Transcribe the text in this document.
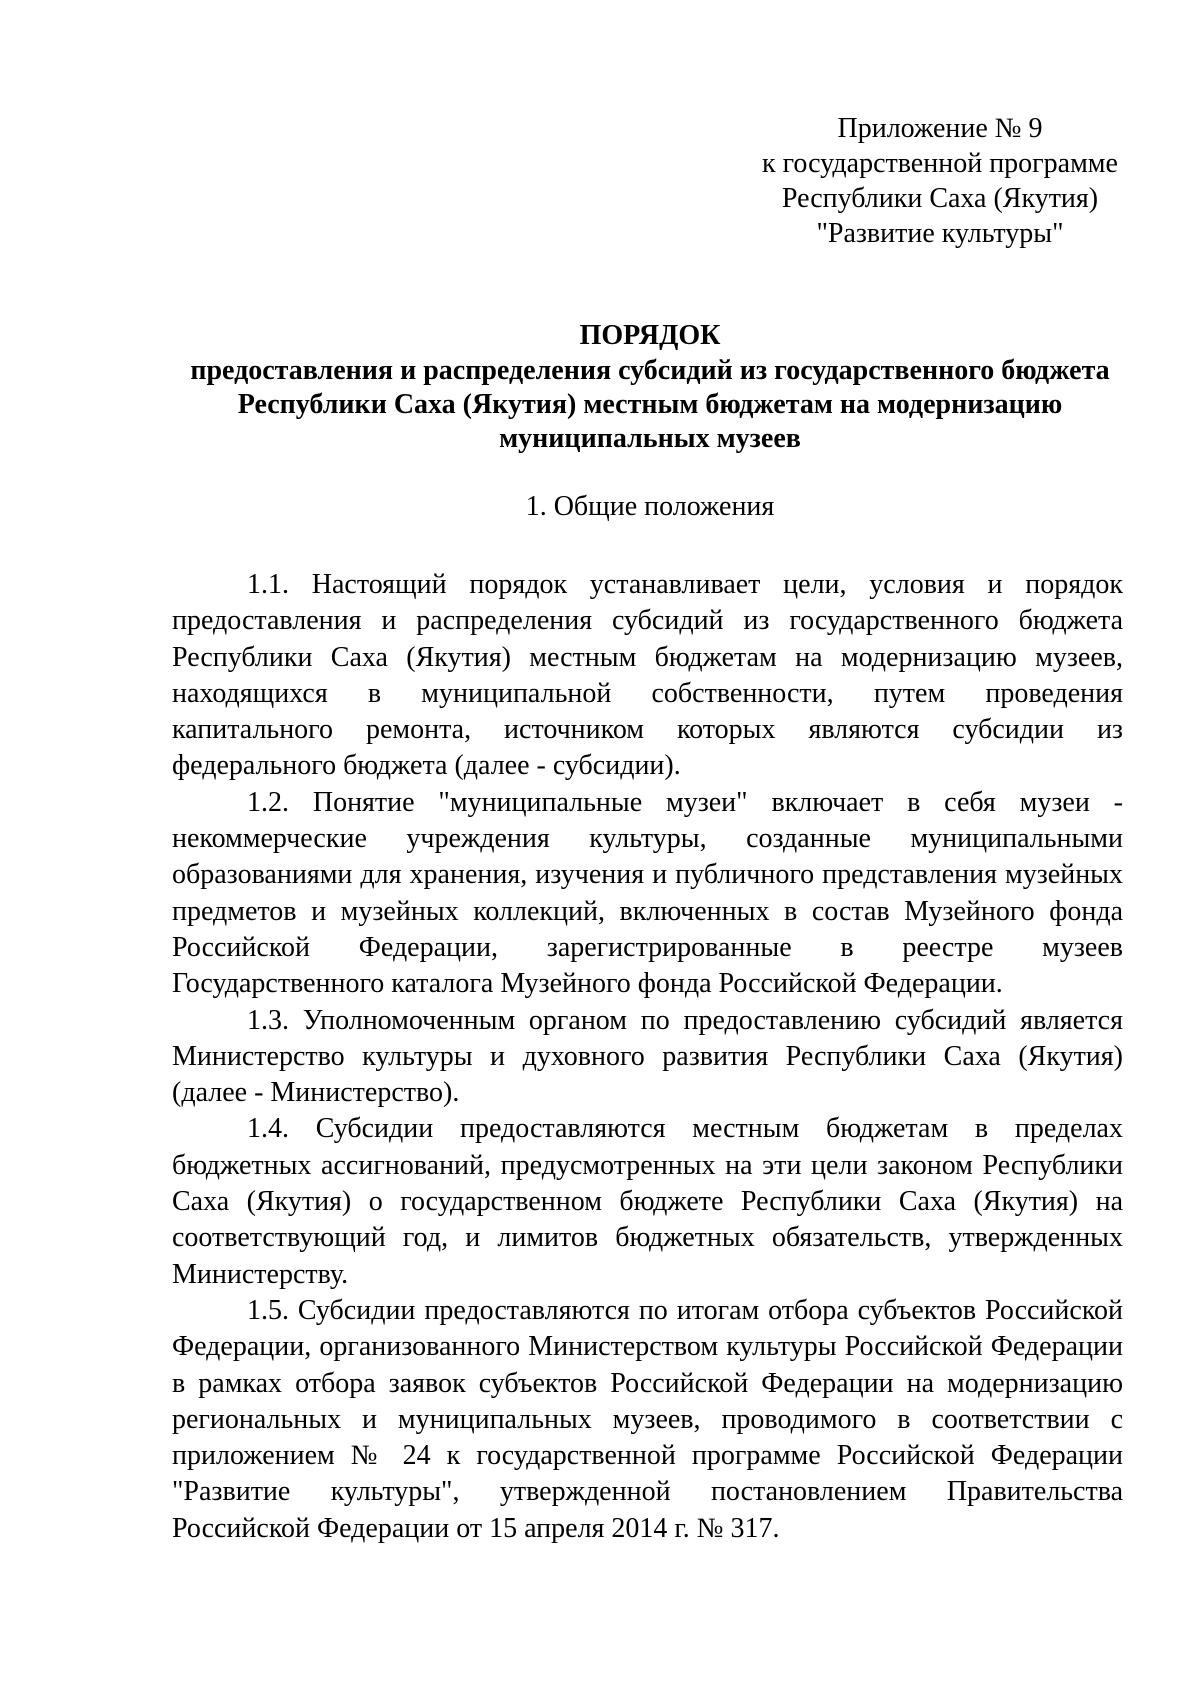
Приложение № 9
к государственной программе
Республики Саха (Якутия)
"Развитие культуры"
ПОРЯДОК
предоставления и распределения субсидий из государственного бюджета
Республики Саха (Якутия) местным бюджетам на модернизацию
муниципальных музеев
1. Общие положения

1.1. Настоящий порядок устанавливает цели, условия и порядок предоставления и распределения субсидий из государственного бюджета Республики Саха (Якутия) местным бюджетам на модернизацию музеев, находящихся в муниципальной собственности, путем проведения капитального ремонта, источником которых являются субсидии из федерального бюджета (далее - субсидии).

1.2. Понятие "муниципальные музеи" включает в себя музеи - некоммерческие учреждения культуры, созданные муниципальными образованиями для хранения, изучения и публичного представления музейных предметов и музейных коллекций, включенных в состав Музейного фонда Российской Федерации, зарегистрированные в реестре музеев Государственного каталога Музейного фонда Российской Федерации.

1.3. Уполномоченным органом по предоставлению субсидий является Министерство культуры и духовного развития Республики Саха (Якутия) (далее - Министерство).

1.4. Субсидии предоставляются местным бюджетам в пределах бюджетных ассигнований, предусмотренных на эти цели законом Республики Саха (Якутия) о государственном бюджете Республики Саха (Якутия) на соответствующий год, и лимитов бюджетных обязательств, утвержденных Министерству.

1.5. Субсидии предоставляются по итогам отбора субъектов Российской Федерации, организованного Министерством культуры Российской Федерации в рамках отбора заявок субъектов Российской Федерации на модернизацию региональных и муниципальных музеев, проводимого в соответствии с приложением № 24 к государственной программе Российской Федерации "Развитие культуры", утвержденной постановлением Правительства Российской Федерации от 15 апреля 2014 г. № 317.
